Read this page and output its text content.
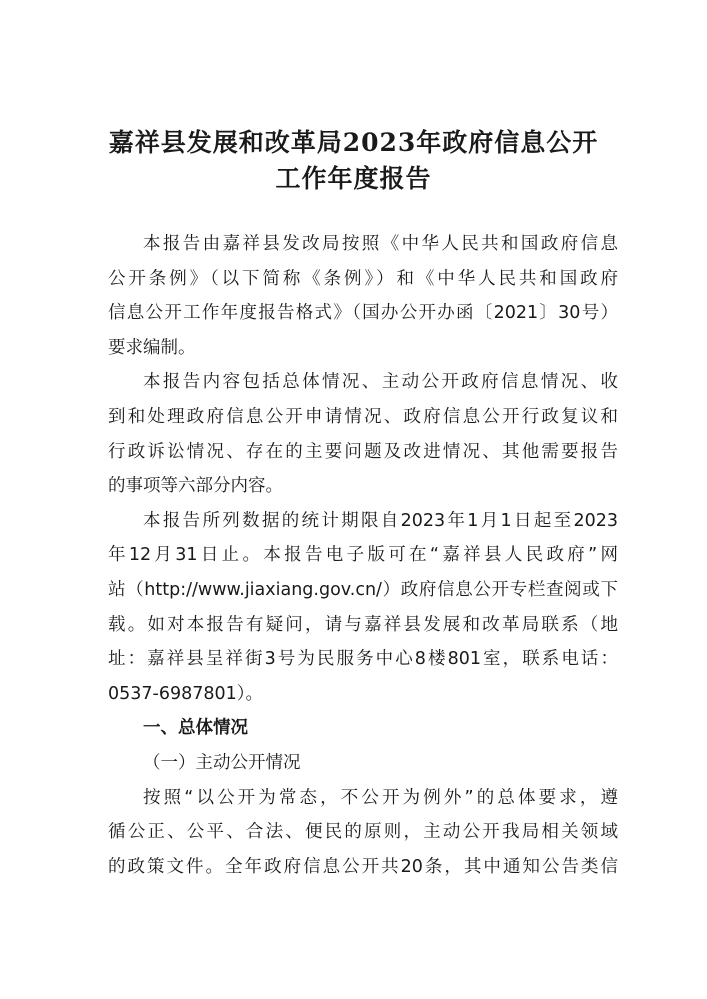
嘉祥县发展和改革局2023年政府信息公开
工作年度报告
本报告由嘉祥县发改局按照《中华人民共和国政府信息
公开条例》（以下简称《条例》）和《中华人民共和国政府
信息公开工作年度报告格式》（国办公开办函〔2021〕30号）
要求编制。
本报告内容包括总体情况、主动公开政府信息情况、收
到和处理政府信息公开申请情况、政府信息公开行政复议和
行政诉讼情况、存在的主要问题及改进情况、其他需要报告
的事项等六部分内容。
本报告所列数据的统计期限自2023年1月1日起至2023
年12月31日止。本报告电子版可在“嘉祥县人民政府”网
站（http://www.jiaxiang.gov.cn/）政府信息公开专栏查阅或下
载。如对本报告有疑问，请与嘉祥县发展和改革局联系（地
址：嘉祥县呈祥街3号为民服务中心8楼801室，联系电话：
0537-6987801）。
一、总体情况
（一）主动公开情况
按照“以公开为常态，不公开为例外”的总体要求，遵
循公正、公平、合法、便民的原则，主动公开我局相关领域
的政策文件。全年政府信息公开共20条，其中通知公告类信
